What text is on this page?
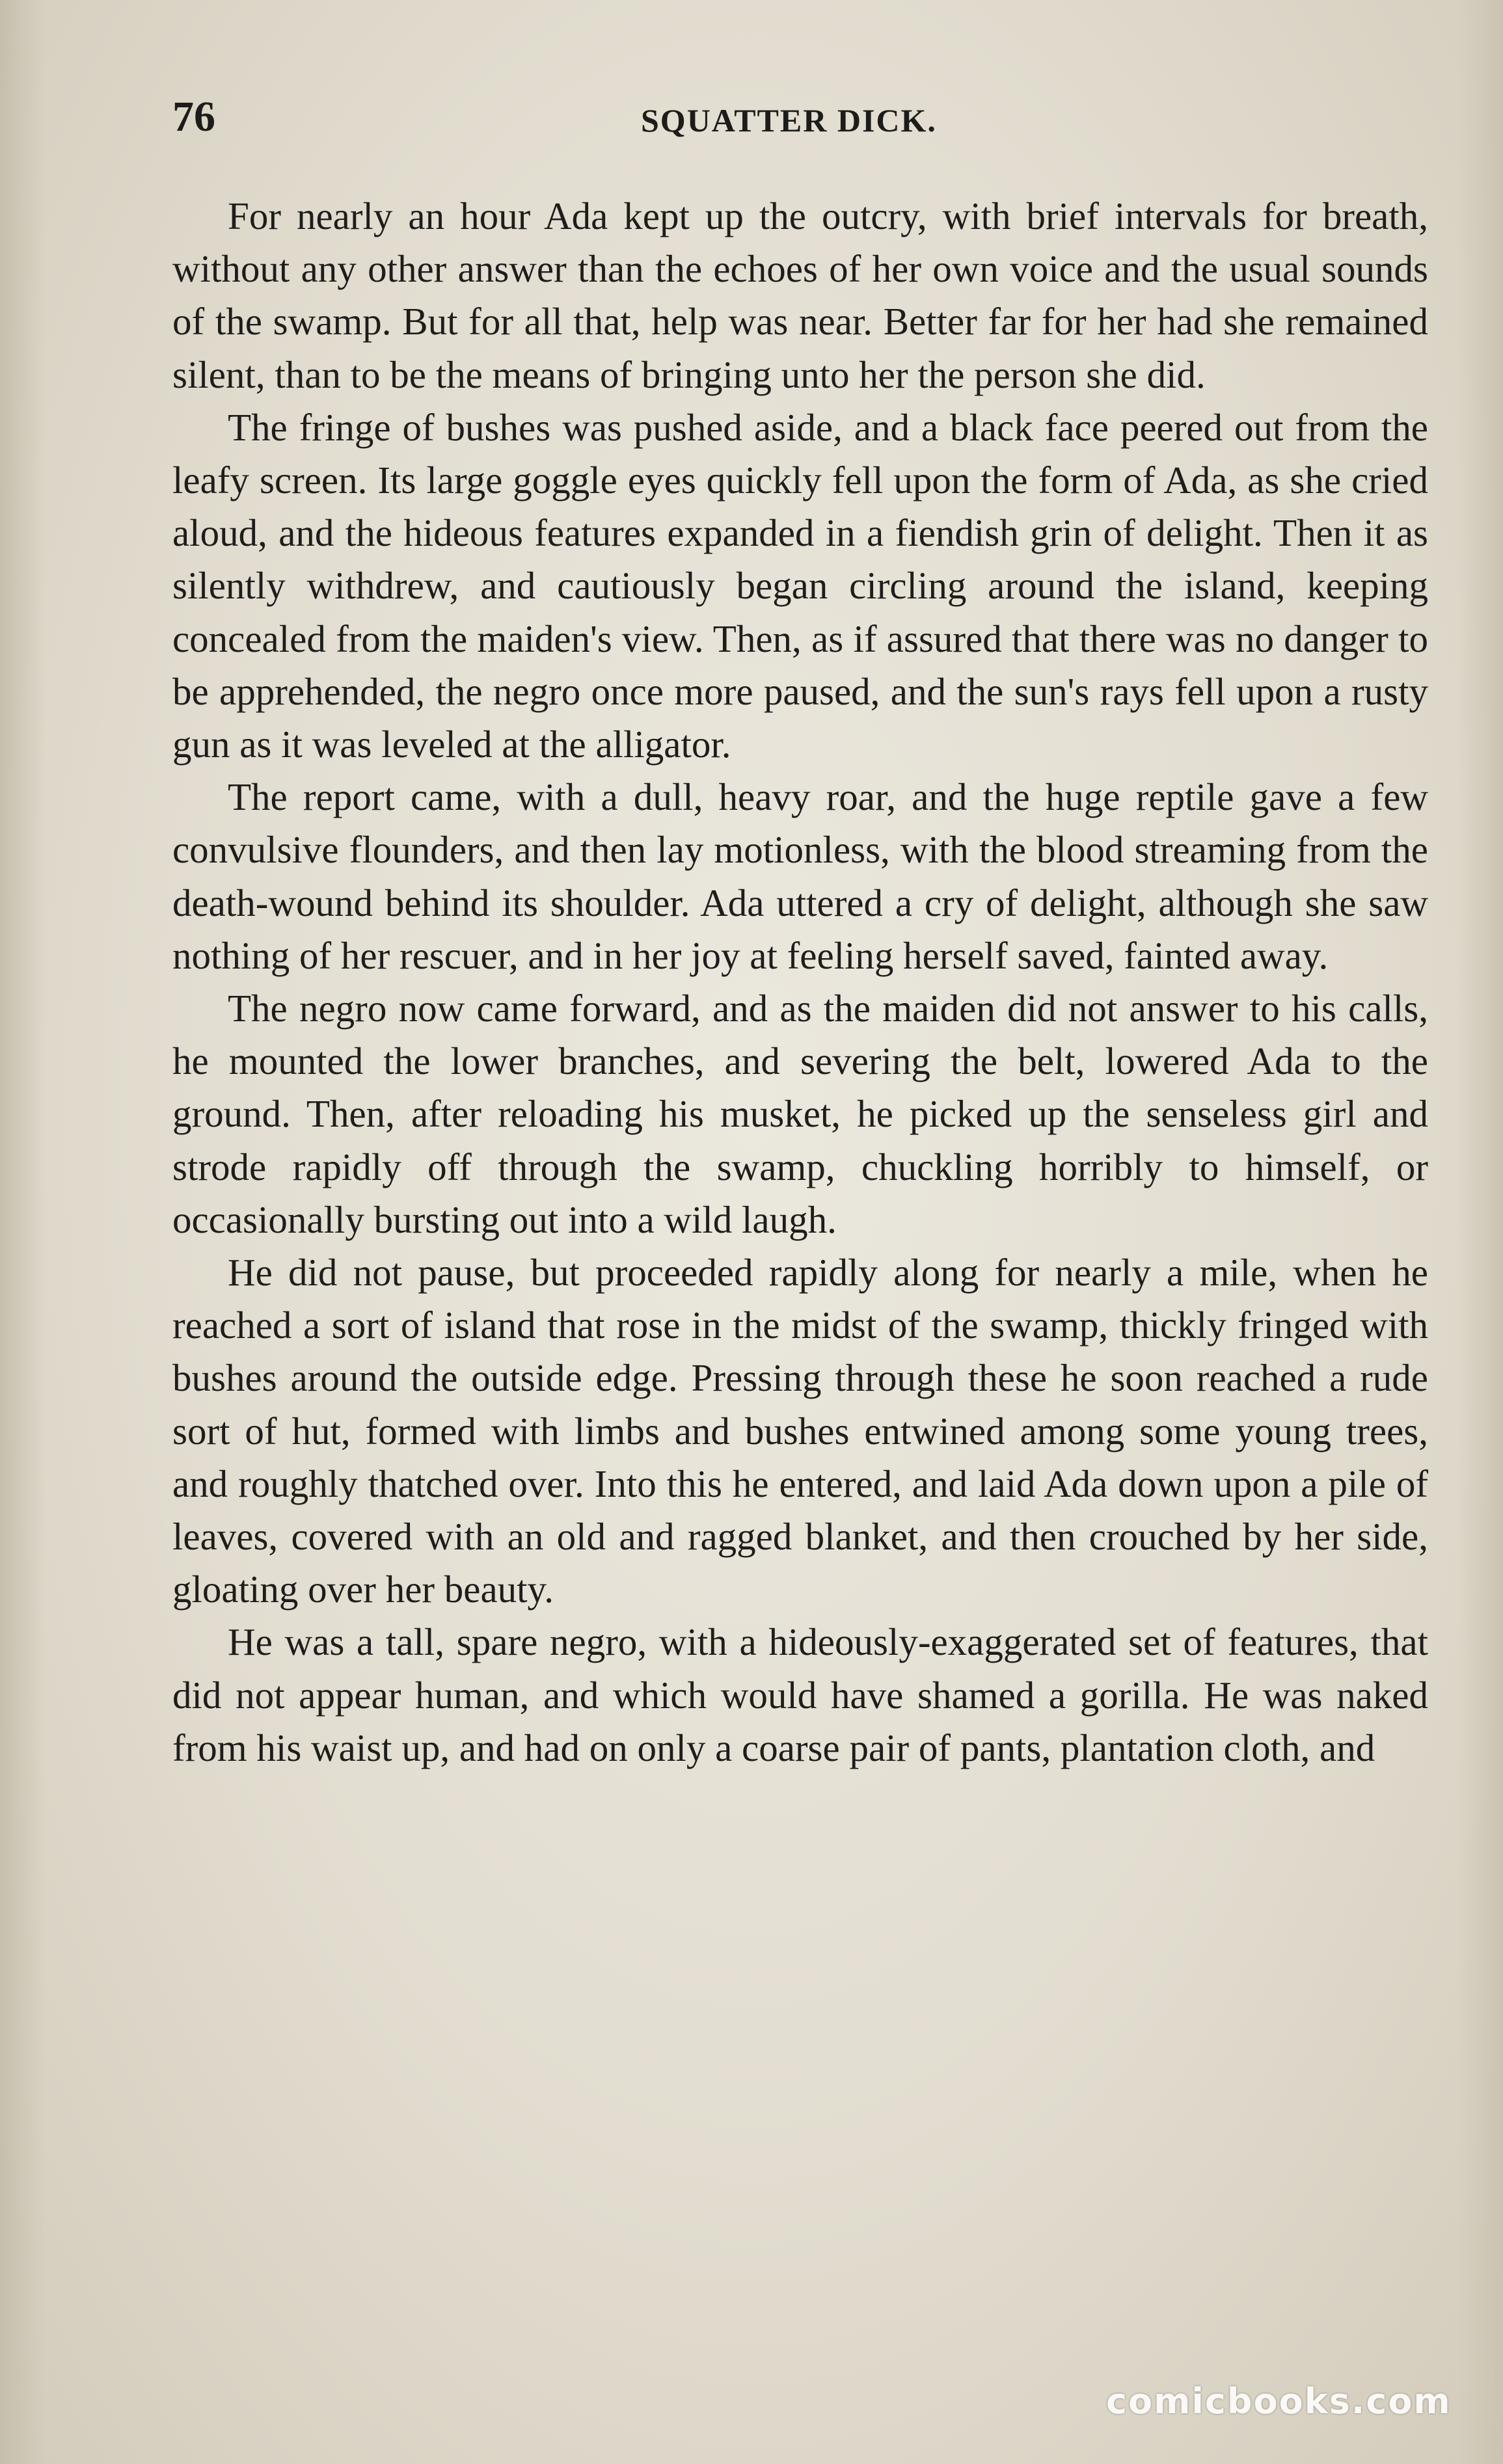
76	SQUATTER DICK.

For nearly an hour Ada kept up the outcry, with brief intervals for breath, without any other answer than the echoes of her own voice and the usual sounds of the swamp. But for all that, help was near. Better far for her had she remained silent, than to be the means of bringing unto her the person she did.

The fringe of bushes was pushed aside, and a black face peered out from the leafy screen. Its large goggle eyes quickly fell upon the form of Ada, as she cried aloud, and the hideous features expanded in a fiendish grin of delight. Then it as silently withdrew, and cautiously began circling around the island, keeping concealed from the maiden's view. Then, as if assured that there was no danger to be apprehended, the negro once more paused, and the sun's rays fell upon a rusty gun as it was leveled at the alligator.

The report came, with a dull, heavy roar, and the huge reptile gave a few convulsive flounders, and then lay motionless, with the blood streaming from the death-wound behind its shoulder. Ada uttered a cry of delight, although she saw nothing of her rescuer, and in her joy at feeling herself saved, fainted away.

The negro now came forward, and as the maiden did not answer to his calls, he mounted the lower branches, and severing the belt, lowered Ada to the ground. Then, after reloading his musket, he picked up the senseless girl and strode rapidly off through the swamp, chuckling horribly to himself, or occasionally bursting out into a wild laugh.

He did not pause, but proceeded rapidly along for nearly a mile, when he reached a sort of island that rose in the midst of the swamp, thickly fringed with bushes around the outside edge. Pressing through these he soon reached a rude sort of hut, formed with limbs and bushes entwined among some young trees, and roughly thatched over. Into this he entered, and laid Ada down upon a pile of leaves, covered with an old and ragged blanket, and then crouched by her side, gloating over her beauty.

He was a tall, spare negro, with a hideously-exaggerated set of features, that did not appear human, and which would have shamed a gorilla. He was naked from his waist up, and had on only a coarse pair of pants, plantation cloth, and

comicbooks.com
